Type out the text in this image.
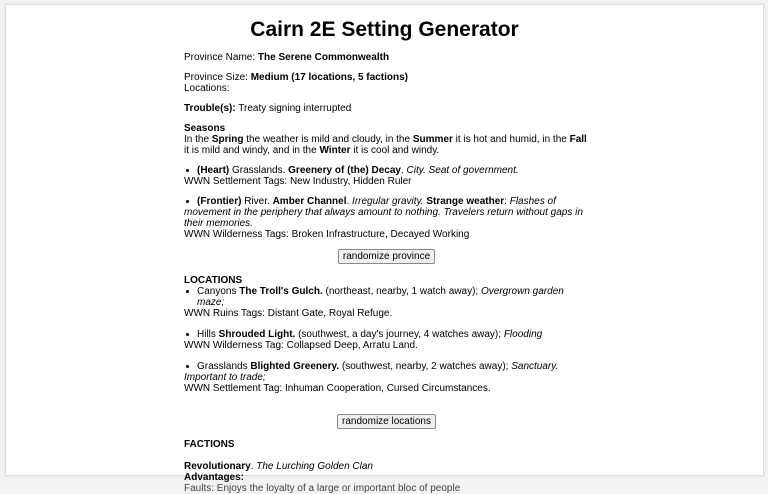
Cairn 2E Setting Generator

Province Name: The Serene Commonwealth

Province Size: Medium (17 locations, 5 factions)

Locations:

Trouble(s): Treaty signing interrupted

Seasons

In the Spring the weather is mild and cloudy, in the Summer it is hot and humid, in the Fall it is mild and windy, and in the Winter it is cool and windy.

(Heart) Grasslands. Greenery of (the) Decay. City. Seat of government.

WWN Settlement Tags: New Industry, Hidden Ruler

(Frontier) River. Amber Channel. Irregular gravity. Strange weather: Flashes of movement in the periphery that always amount to nothing. Travelers return without gaps in their memories.

WWN Wilderness Tags: Broken Infrastructure, Decayed Working

randomize province

LOCATIONS

Canyons The Troll's Gulch. (northeast, nearby, 1 watch away); Overgrown garden maze;

WWN Ruins Tags: Distant Gate, Royal Refuge.

Hills Shrouded Light. (southwest, a day's journey, 4 watches away); Flooding

WWN Wilderness Tag: Collapsed Deep, Arratu Land.

Grasslands Blighted Greenery. (southwest, nearby, 2 watches away); Sanctuary. Important to trade;

WWN Settlement Tag: Inhuman Cooperation, Cursed Circumstances.

randomize locations

FACTIONS

Revolutionary. The Lurching Golden Clan

Advantages:

Faults: Enjoys the loyalty of a large or important bloc of people
